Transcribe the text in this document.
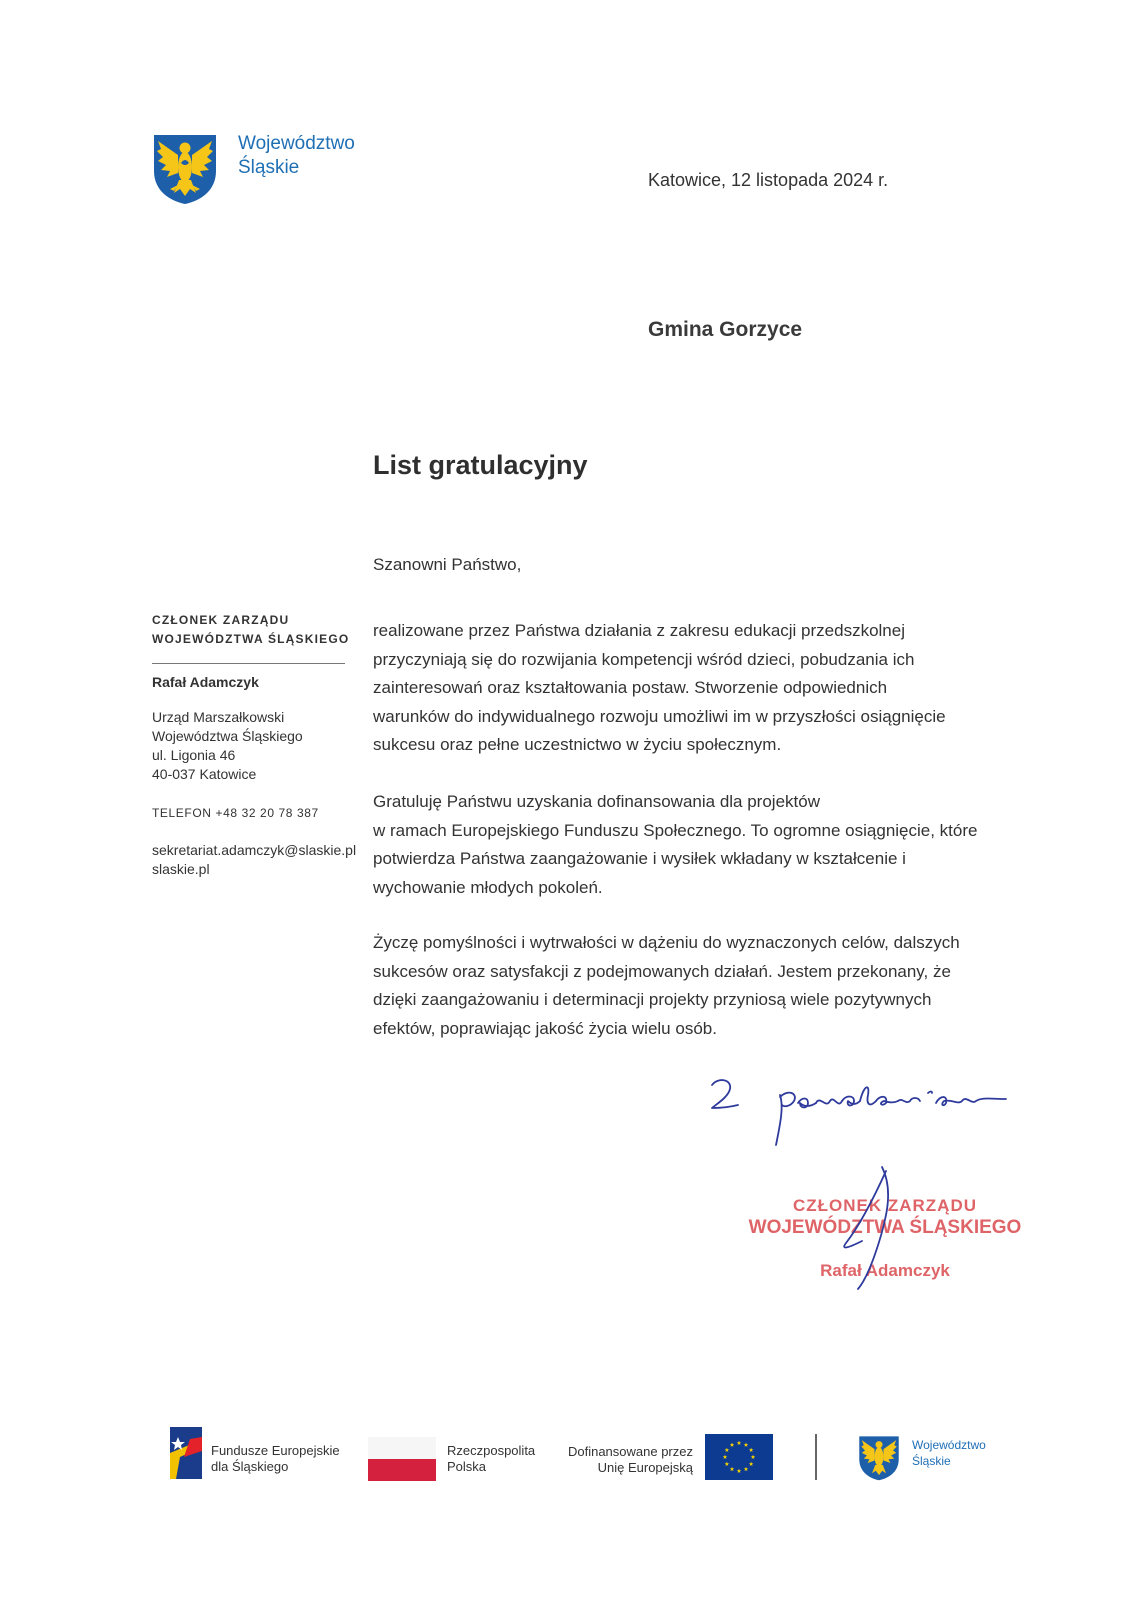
Województwo
Śląskie
Katowice, 12 listopada 2024 r.
Gmina Gorzyce
List gratulacyjny
Szanowni Państwo,
CZŁONEK ZARZĄDU
WOJEWÓDZTWA ŚLĄSKIEGO
Rafał Adamczyk
Urząd Marszałkowski
Województwa Śląskiego
ul. Ligonia 46
40-037 Katowice
TELEFON +48 32 20 78 387
sekretariat.adamczyk@slaskie.pl
slaskie.pl
realizowane przez Państwa działania z zakresu edukacji przedszkolnej
przyczyniają się do rozwijania kompetencji wśród dzieci, pobudzania ich
zainteresowań oraz kształtowania postaw. Stworzenie odpowiednich
warunków do indywidualnego rozwoju umożliwi im w przyszłości osiągnięcie
sukcesu oraz pełne uczestnictwo w życiu społecznym.
Gratuluję Państwu uzyskania dofinansowania dla projektów
w ramach Europejskiego Funduszu Społecznego. To ogromne osiągnięcie, które
potwierdza Państwa zaangażowanie i wysiłek wkładany w kształcenie i
wychowanie młodych pokoleń.
Życzę pomyślności i wytrwałości w dążeniu do wyznaczonych celów, dalszych
sukcesów oraz satysfakcji z podejmowanych działań. Jestem przekonany, że
dzięki zaangażowaniu i determinacji projekty przyniosą wiele pozytywnych
efektów, poprawiając jakość życia wielu osób.
CZŁONEK ZARZĄDU
WOJEWÓDZTWA ŚLĄSKIEGO
Rafał Adamczyk
Fundusze Europejskie
dla Śląskiego
Rzeczpospolita
Polska
Dofinansowane przez
Unię Europejską
Województwo
Śląskie
